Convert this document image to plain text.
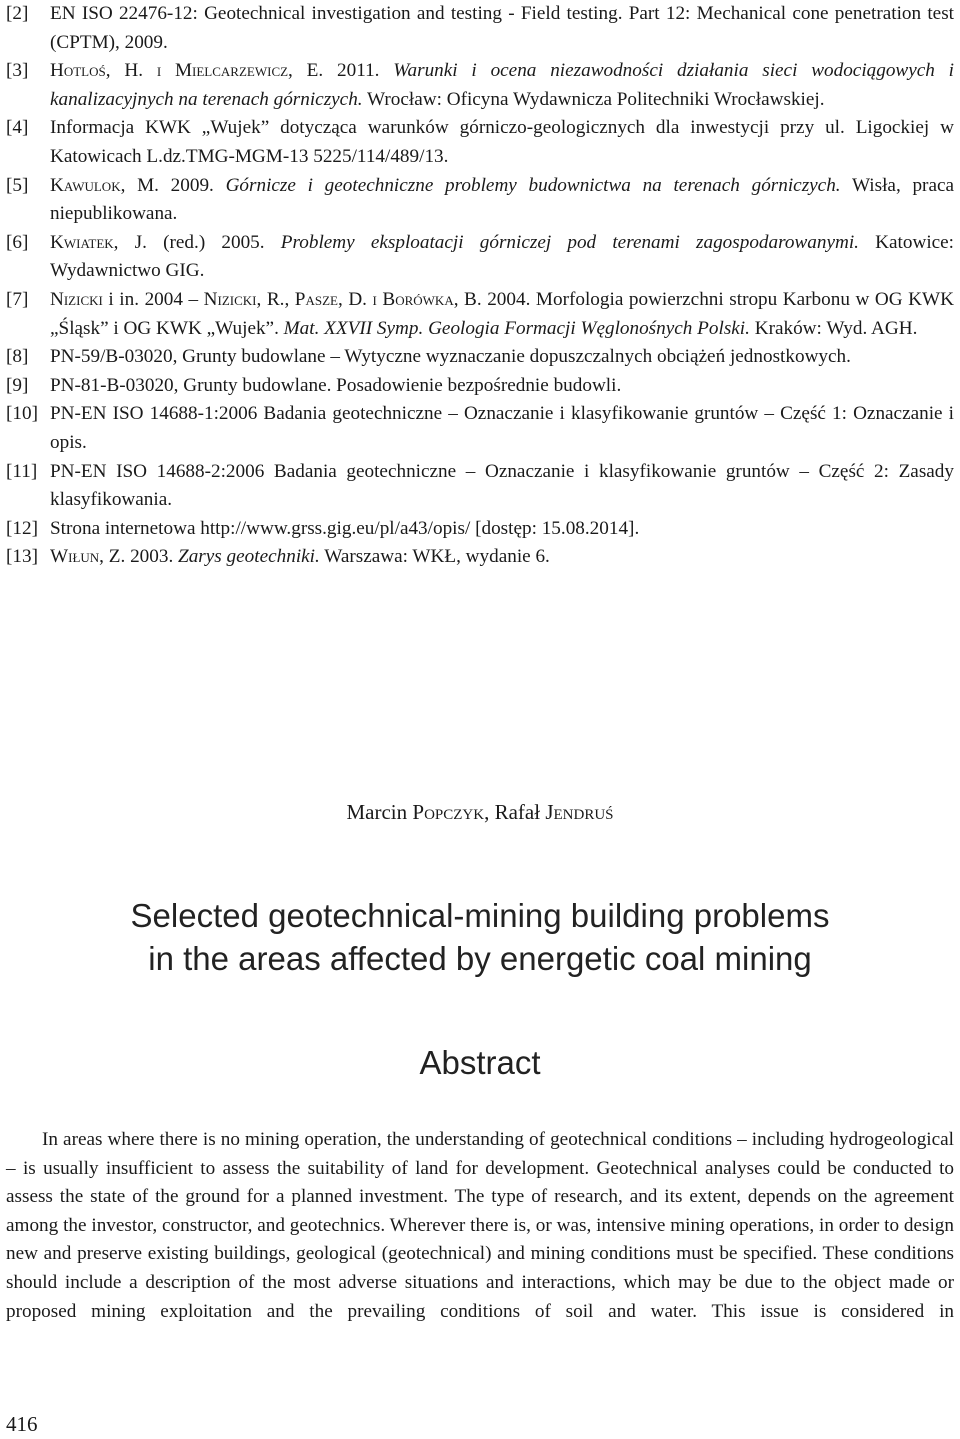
[2] EN ISO 22476-12: Geotechnical investigation and testing - Field testing. Part 12: Mechanical cone penetration test (CPTM), 2009.
[3] Hotloś, H. i Mielcarzewicz, E. 2011. Warunki i ocena niezawodności działania sieci wodociągowych i kanalizacyjnych na terenach górniczych. Wrocław: Oficyna Wydawnicza Politechniki Wrocławskiej.
[4] Informacja KWK „Wujek” dotycząca warunków górniczo-geologicznych dla inwestycji przy ul. Ligockiej w Katowicach L.dz.TMG-MGM-13 5225/114/489/13.
[5] Kawulok, M. 2009. Górnicze i geotechniczne problemy budownictwa na terenach górniczych. Wisła, praca niepublikowana.
[6] Kwiatek, J. (red.) 2005. Problemy eksploatacji górniczej pod terenami zagospodarowanymi. Katowice: Wydawnictwo GIG.
[7] Nizicki i in. 2004 – Nizicki, R., Pasze, D. i Borówka, B. 2004. Morfologia powierzchni stropu Karbonu w OG KWK „Śląsk” i OG KWK „Wujek”. Mat. XXVII Symp. Geologia Formacji Węglonośnych Polski. Kraków: Wyd. AGH.
[8] PN-59/B-03020, Grunty budowlane – Wytyczne wyznaczanie dopuszczalnych obciążeń jednostkowych.
[9] PN-81-B-03020, Grunty budowlane. Posadowienie bezpośrednie budowli.
[10] PN-EN ISO 14688-1:2006 Badania geotechniczne – Oznaczanie i klasyfikowanie gruntów – Część 1: Oznaczanie i opis.
[11] PN-EN ISO 14688-2:2006 Badania geotechniczne – Oznaczanie i klasyfikowanie gruntów – Część 2: Zasady klasyfikowania.
[12] Strona internetowa http://www.grss.gig.eu/pl/a43/opis/ [dostęp: 15.08.2014].
[13] Wiłun, Z. 2003. Zarys geotechniki. Warszawa: WKŁ, wydanie 6.
Marcin Popczyk, Rafał Jendruś
Selected geotechnical-mining building problems
in the areas affected by energetic coal mining
Abstract
In areas where there is no mining operation, the understanding of geotechnical conditions – including hydrogeological – is usually insufficient to assess the suitability of land for development. Geotechnical analyses could be conducted to assess the state of the ground for a planned investment. The type of research, and its extent, depends on the agreement among the investor, constructor, and geotechnics. Wherever there is, or was, intensive mining operations, in order to design new and preserve existing buildings, geological (geotechnical) and mining conditions must be specified. These conditions should include a description of the most adverse situations and interactions, which may be due to the object made or proposed mining exploitation and the prevailing conditions of soil and water. This issue is considered in
416
